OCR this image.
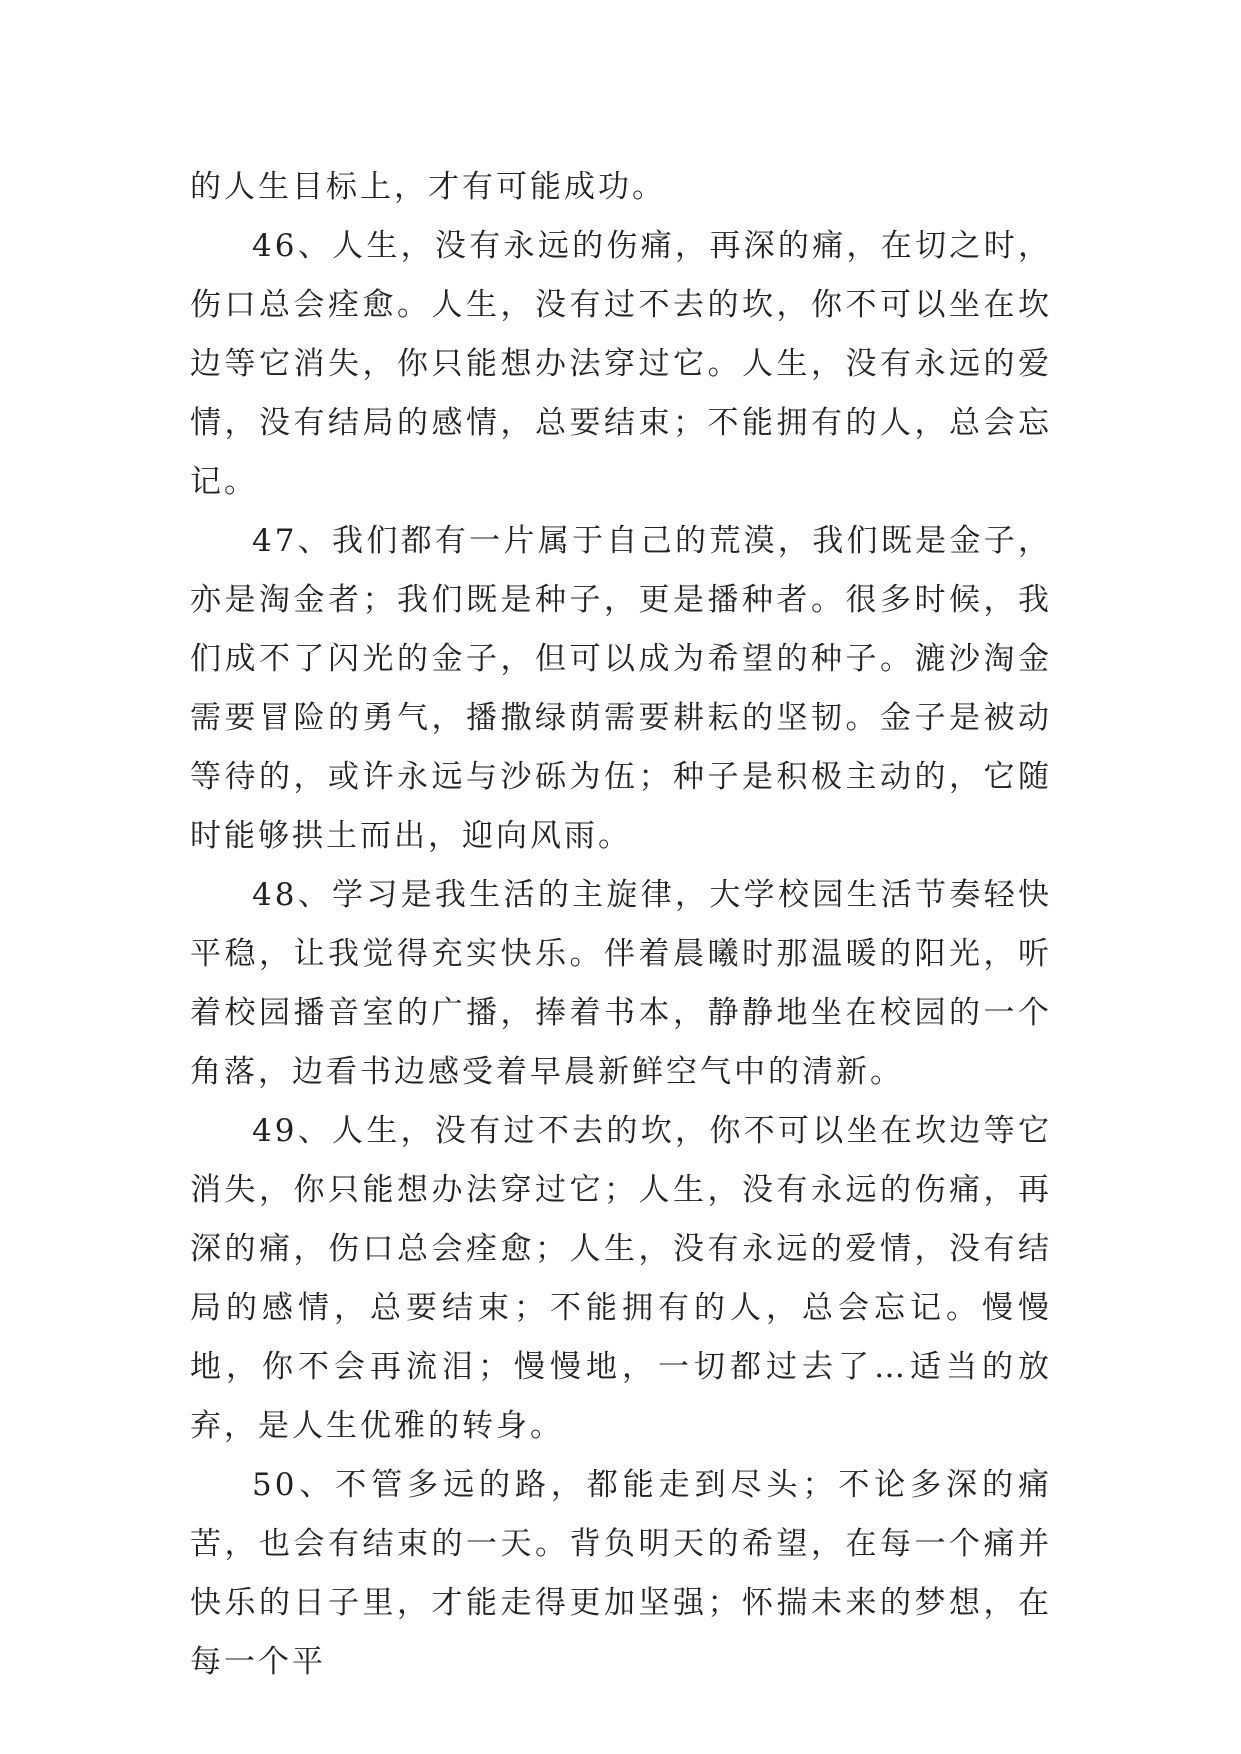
的人生目标上，才有可能成功。

46、人生，没有永远的伤痛，再深的痛，在切之时，伤口总会痊愈。人生，没有过不去的坎，你不可以坐在坎边等它消失，你只能想办法穿过它。人生，没有永远的爱情，没有结局的感情，总要结束；不能拥有的人，总会忘记。

47、我们都有一片属于自己的荒漠，我们既是金子，亦是淘金者；我们既是种子，更是播种者。很多时候，我们成不了闪光的金子，但可以成为希望的种子。漉沙淘金需要冒险的勇气，播撒绿荫需要耕耘的坚韧。金子是被动等待的，或许永远与沙砾为伍；种子是积极主动的，它随时能够拱土而出，迎向风雨。

48、学习是我生活的主旋律，大学校园生活节奏轻快平稳，让我觉得充实快乐。伴着晨曦时那温暖的阳光，听着校园播音室的广播，捧着书本，静静地坐在校园的一个角落，边看书边感受着早晨新鲜空气中的清新。

49、人生，没有过不去的坎，你不可以坐在坎边等它消失，你只能想办法穿过它；人生，没有永远的伤痛，再深的痛，伤口总会痊愈；人生，没有永远的爱情，没有结局的感情，总要结束；不能拥有的人，总会忘记。慢慢地，你不会再流泪；慢慢地，一切都过去了…适当的放弃，是人生优雅的转身。

50、不管多远的路，都能走到尽头；不论多深的痛苦，也会有结束的一天。背负明天的希望，在每一个痛并快乐的日子里，才能走得更加坚强；怀揣未来的梦想，在每一个平
